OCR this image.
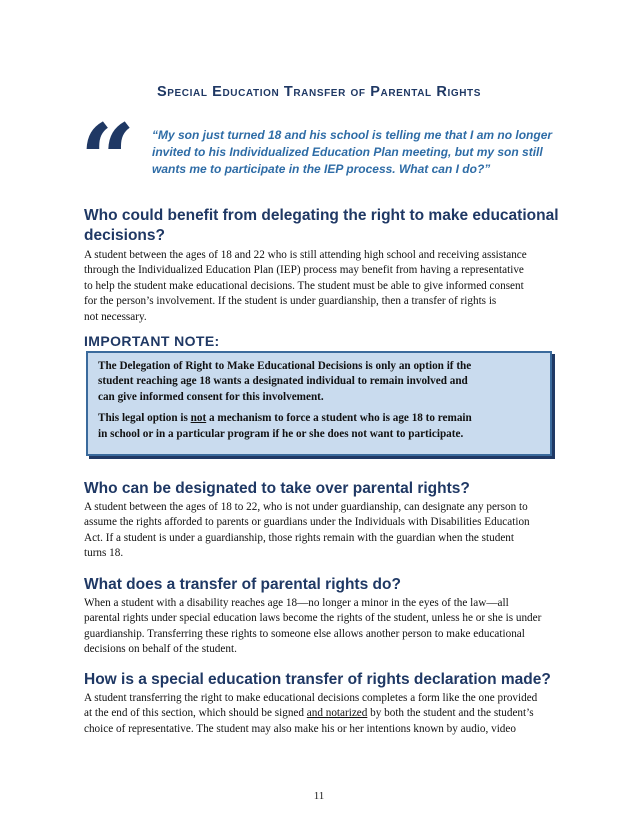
Special Education Transfer of Parental Rights
“ “My son just turned 18 and his school is telling me that I am no longer
invited to his Individualized Education Plan meeting, but my son still
wants me to participate in the IEP process. What can I do?”
Who could benefit from delegating the right to make educational
decisions?
A student between the ages of 18 and 22 who is still attending high school and receiving assistance
through the Individualized Education Plan (IEP) process may benefit from having a representative
to help the student make educational decisions. The student must be able to give informed consent
for the person’s involvement. If the student is under guardianship, then a transfer of rights is
not necessary.
IMPORTANT NOTE:

The Delegation of Right to Make Educational Decisions is only an option if the
student reaching age 18 wants a designated individual to remain involved and
can give informed consent for this involvement.

This legal option is not a mechanism to force a student who is age 18 to remain
in school or in a particular program if he or she does not want to participate.

Who can be designated to take over parental rights?
A student between the ages of 18 to 22, who is not under guardianship, can designate any person to
assume the rights afforded to parents or guardians under the Individuals with Disabilities Education
Act. If a student is under a guardianship, those rights remain with the guardian when the student
turns 18.
What does a transfer of parental rights do?
When a student with a disability reaches age 18—no longer a minor in the eyes of the law—all
parental rights under special education laws become the rights of the student, unless he or she is under
guardianship. Transferring these rights to someone else allows another person to make educational
decisions on behalf of the student.
How is a special education transfer of rights declaration made?
A student transferring the right to make educational decisions completes a form like the one provided
at the end of this section, which should be signed and notarized by both the student and the student’s
choice of representative. The student may also make his or her intentions known by audio, video
11
